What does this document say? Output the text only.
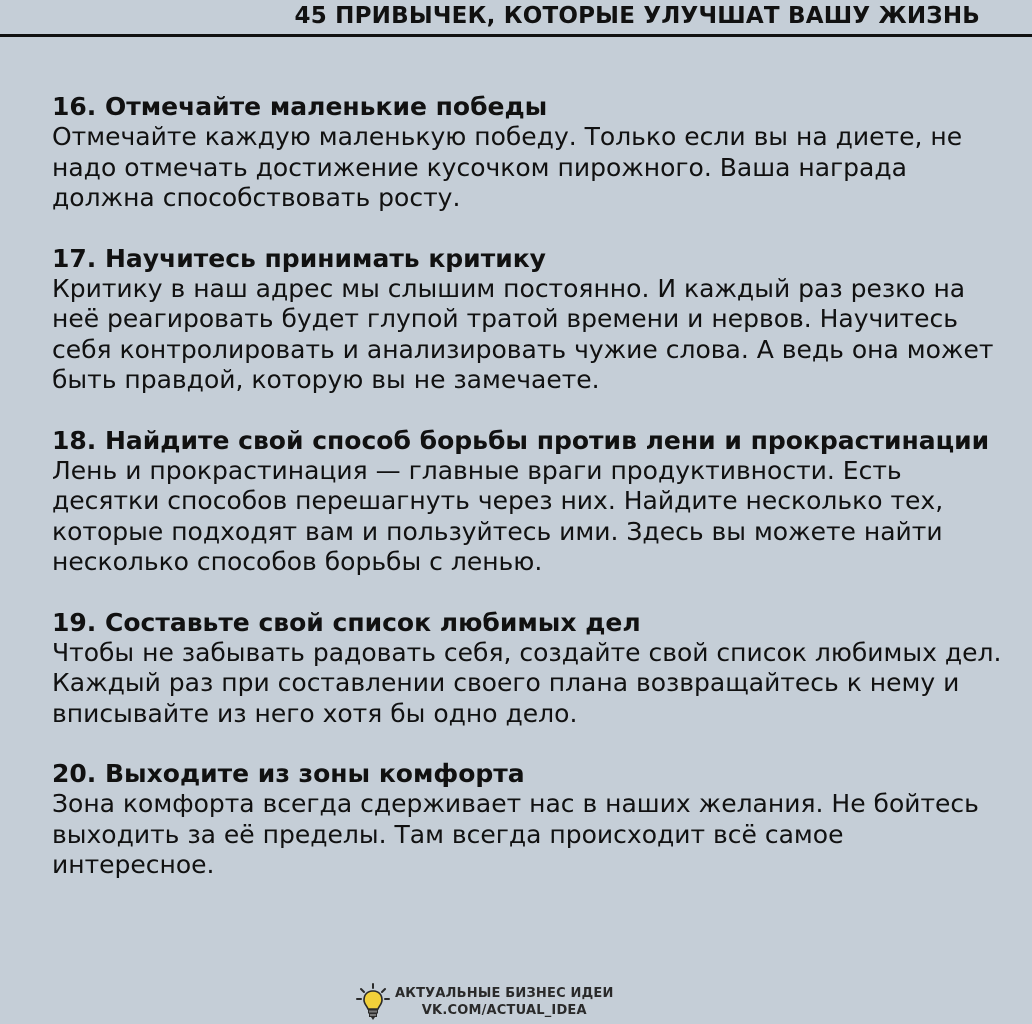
45 ПРИВЫЧЕК, КОТОРЫЕ УЛУЧШАТ ВАШУ ЖИЗНЬ

16. Отмечайте маленькие победы

Отмечайте каждую маленькую победу. Только если вы на диете, не надо отмечать достижение кусочком пирожного. Ваша награда должна способствовать росту.

17. Научитесь принимать критику

Критику в наш адрес мы слышим постоянно. И каждый раз резко на неё реагировать будет глупой тратой времени и нервов. Научитесь себя контролировать и анализировать чужие слова. А ведь она может быть правдой, которую вы не замечаете.

18. Найдите свой способ борьбы против лени и прокрастинации

Лень и прокрастинация — главные враги продуктивности. Есть десятки способов перешагнуть через них. Найдите несколько тех, которые подходят вам и пользуйтесь ими. Здесь вы можете найти несколько способов борьбы с ленью.

19. Составьте свой список любимых дел

Чтобы не забывать радовать себя, создайте свой список любимых дел. Каждый раз при составлении своего плана возвращайтесь к нему и вписывайте из него хотя бы одно дело.

20. Выходите из зоны комфорта

Зона комфорта всегда сдерживает нас в наших желания. Не бойтесь выходить за её пределы. Там всегда происходит всё самое интересное.

АКТУАЛЬНЫЕ БИЗНЕС ИДЕИ
VK.COM/ACTUAL_IDEA
